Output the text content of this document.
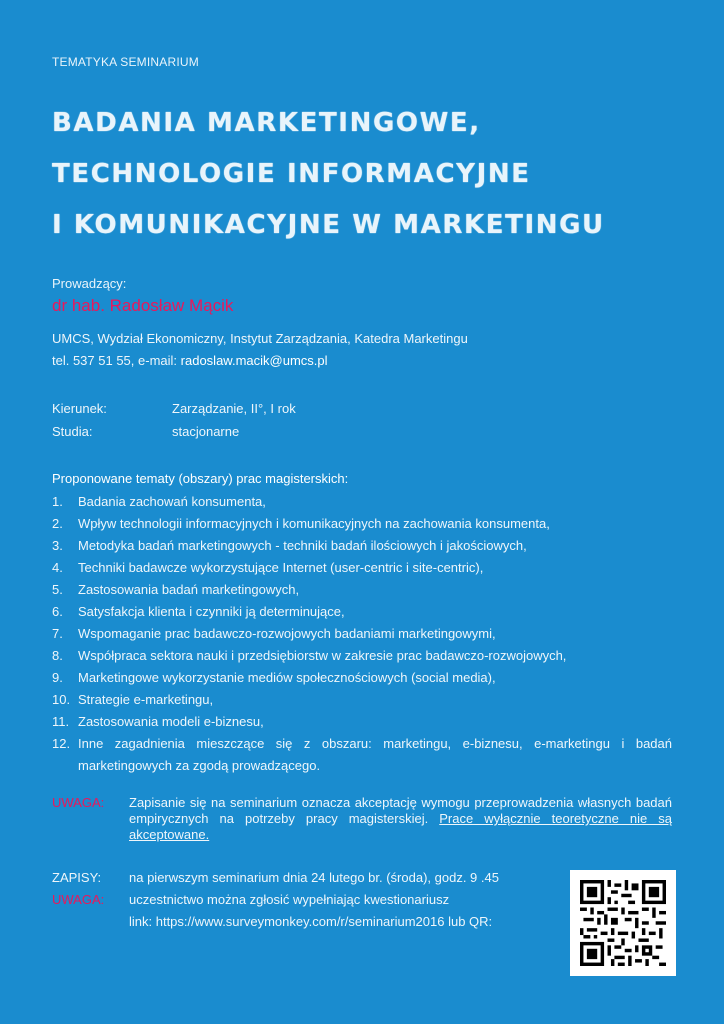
TEMATYKA SEMINARIUM
BADANIA MARKETINGOWE,
TECHNOLOGIE INFORMACYJNE
I KOMUNIKACYJNE W MARKETINGU
Prowadzący:
dr hab. Radosław Mącik
UMCS, Wydział Ekonomiczny, Instytut Zarządzania, Katedra Marketingu
tel. 537 51 55, e-mail: radoslaw.macik@umcs.pl
Kierunek:	Zarządzanie, II°, I rok
Studia:	stacjonarne
Proponowane tematy (obszary) prac magisterskich:
1. Badania zachowań konsumenta,
2. Wpływ technologii informacyjnych i komunikacyjnych na zachowania konsumenta,
3. Metodyka badań marketingowych - techniki badań ilościowych i jakościowych,
4. Techniki badawcze wykorzystujące Internet (user-centric i site-centric),
5. Zastosowania badań marketingowych,
6. Satysfakcja klienta i czynniki ją determinujące,
7. Wspomaganie prac badawczo-rozwojowych badaniami marketingowymi,
8. Współpraca sektora nauki i przedsiębiorstw w zakresie prac badawczo-rozwojowych,
9. Marketingowe wykorzystanie mediów społecznościowych (social media),
10. Strategie e-marketingu,
11. Zastosowania modeli e-biznesu,
12. Inne zagadnienia mieszczące się z obszaru: marketingu, e-biznesu, e-marketingu i badań marketingowych za zgodą prowadzącego.
UWAGA: Zapisanie się na seminarium oznacza akceptację wymogu przeprowadzenia własnych badań empirycznych na potrzeby pracy magisterskiej. Prace wyłącznie teoretyczne nie są akceptowane.
ZAPISY: na pierwszym seminarium dnia 24 lutego br. (środa), godz. 9 .45
UWAGA: uczestnictwo można zgłosić wypełniając kwestionariusz
link: https://www.surveymonkey.com/r/seminarium2016 lub QR:
